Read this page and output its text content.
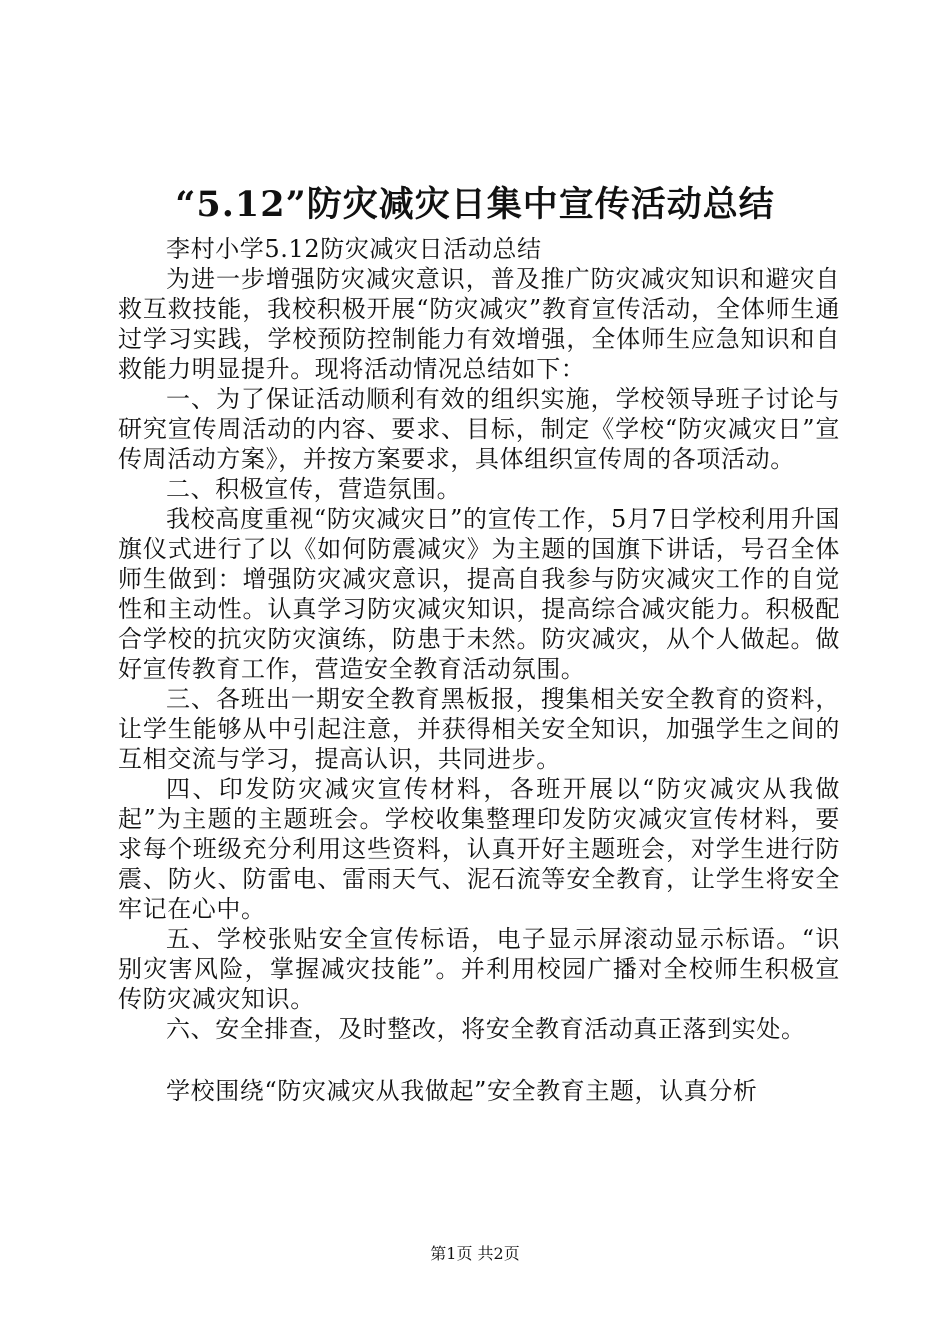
“5.12”防灾减灾日集中宣传活动总结

李村小学5.12防灾减灾日活动总结

为进一步增强防灾减灾意识，普及推广防灾减灾知识和避灾自救互救技能，我校积极开展“防灾减灾”教育宣传活动，全体师生通过学习实践，学校预防控制能力有效增强，全体师生应急知识和自救能力明显提升。现将活动情况总结如下：

一、为了保证活动顺利有效的组织实施，学校领导班子讨论与研究宣传周活动的内容、要求、目标，制定《学校“防灾减灾日”宣传周活动方案》，并按方案要求，具体组织宣传周的各项活动。

二、积极宣传，营造氛围。

我校高度重视“防灾减灾日”的宣传工作，5月7日学校利用升国旗仪式进行了以《如何防震减灾》为主题的国旗下讲话，号召全体师生做到：增强防灾减灾意识，提高自我参与防灾减灾工作的自觉性和主动性。认真学习防灾减灾知识，提高综合减灾能力。积极配合学校的抗灾防灾演练，防患于未然。防灾减灾，从个人做起。做好宣传教育工作，营造安全教育活动氛围。

三、各班出一期安全教育黑板报，搜集相关安全教育的资料，让学生能够从中引起注意，并获得相关安全知识，加强学生之间的互相交流与学习，提高认识，共同进步。

四、印发防灾减灾宣传材料，各班开展以“防灾减灾从我做起”为主题的主题班会。学校收集整理印发防灾减灾宣传材料，要求每个班级充分利用这些资料，认真开好主题班会，对学生进行防震、防火、防雷电、雷雨天气、泥石流等安全教育，让学生将安全牢记在心中。

五、学校张贴安全宣传标语，电子显示屏滚动显示标语。“识别灾害风险，掌握减灾技能”。并利用校园广播对全校师生积极宣传防灾减灾知识。

六、安全排查，及时整改，将安全教育活动真正落到实处。

学校围绕“防灾减灾从我做起”安全教育主题，认真分析

第1页 共2页
